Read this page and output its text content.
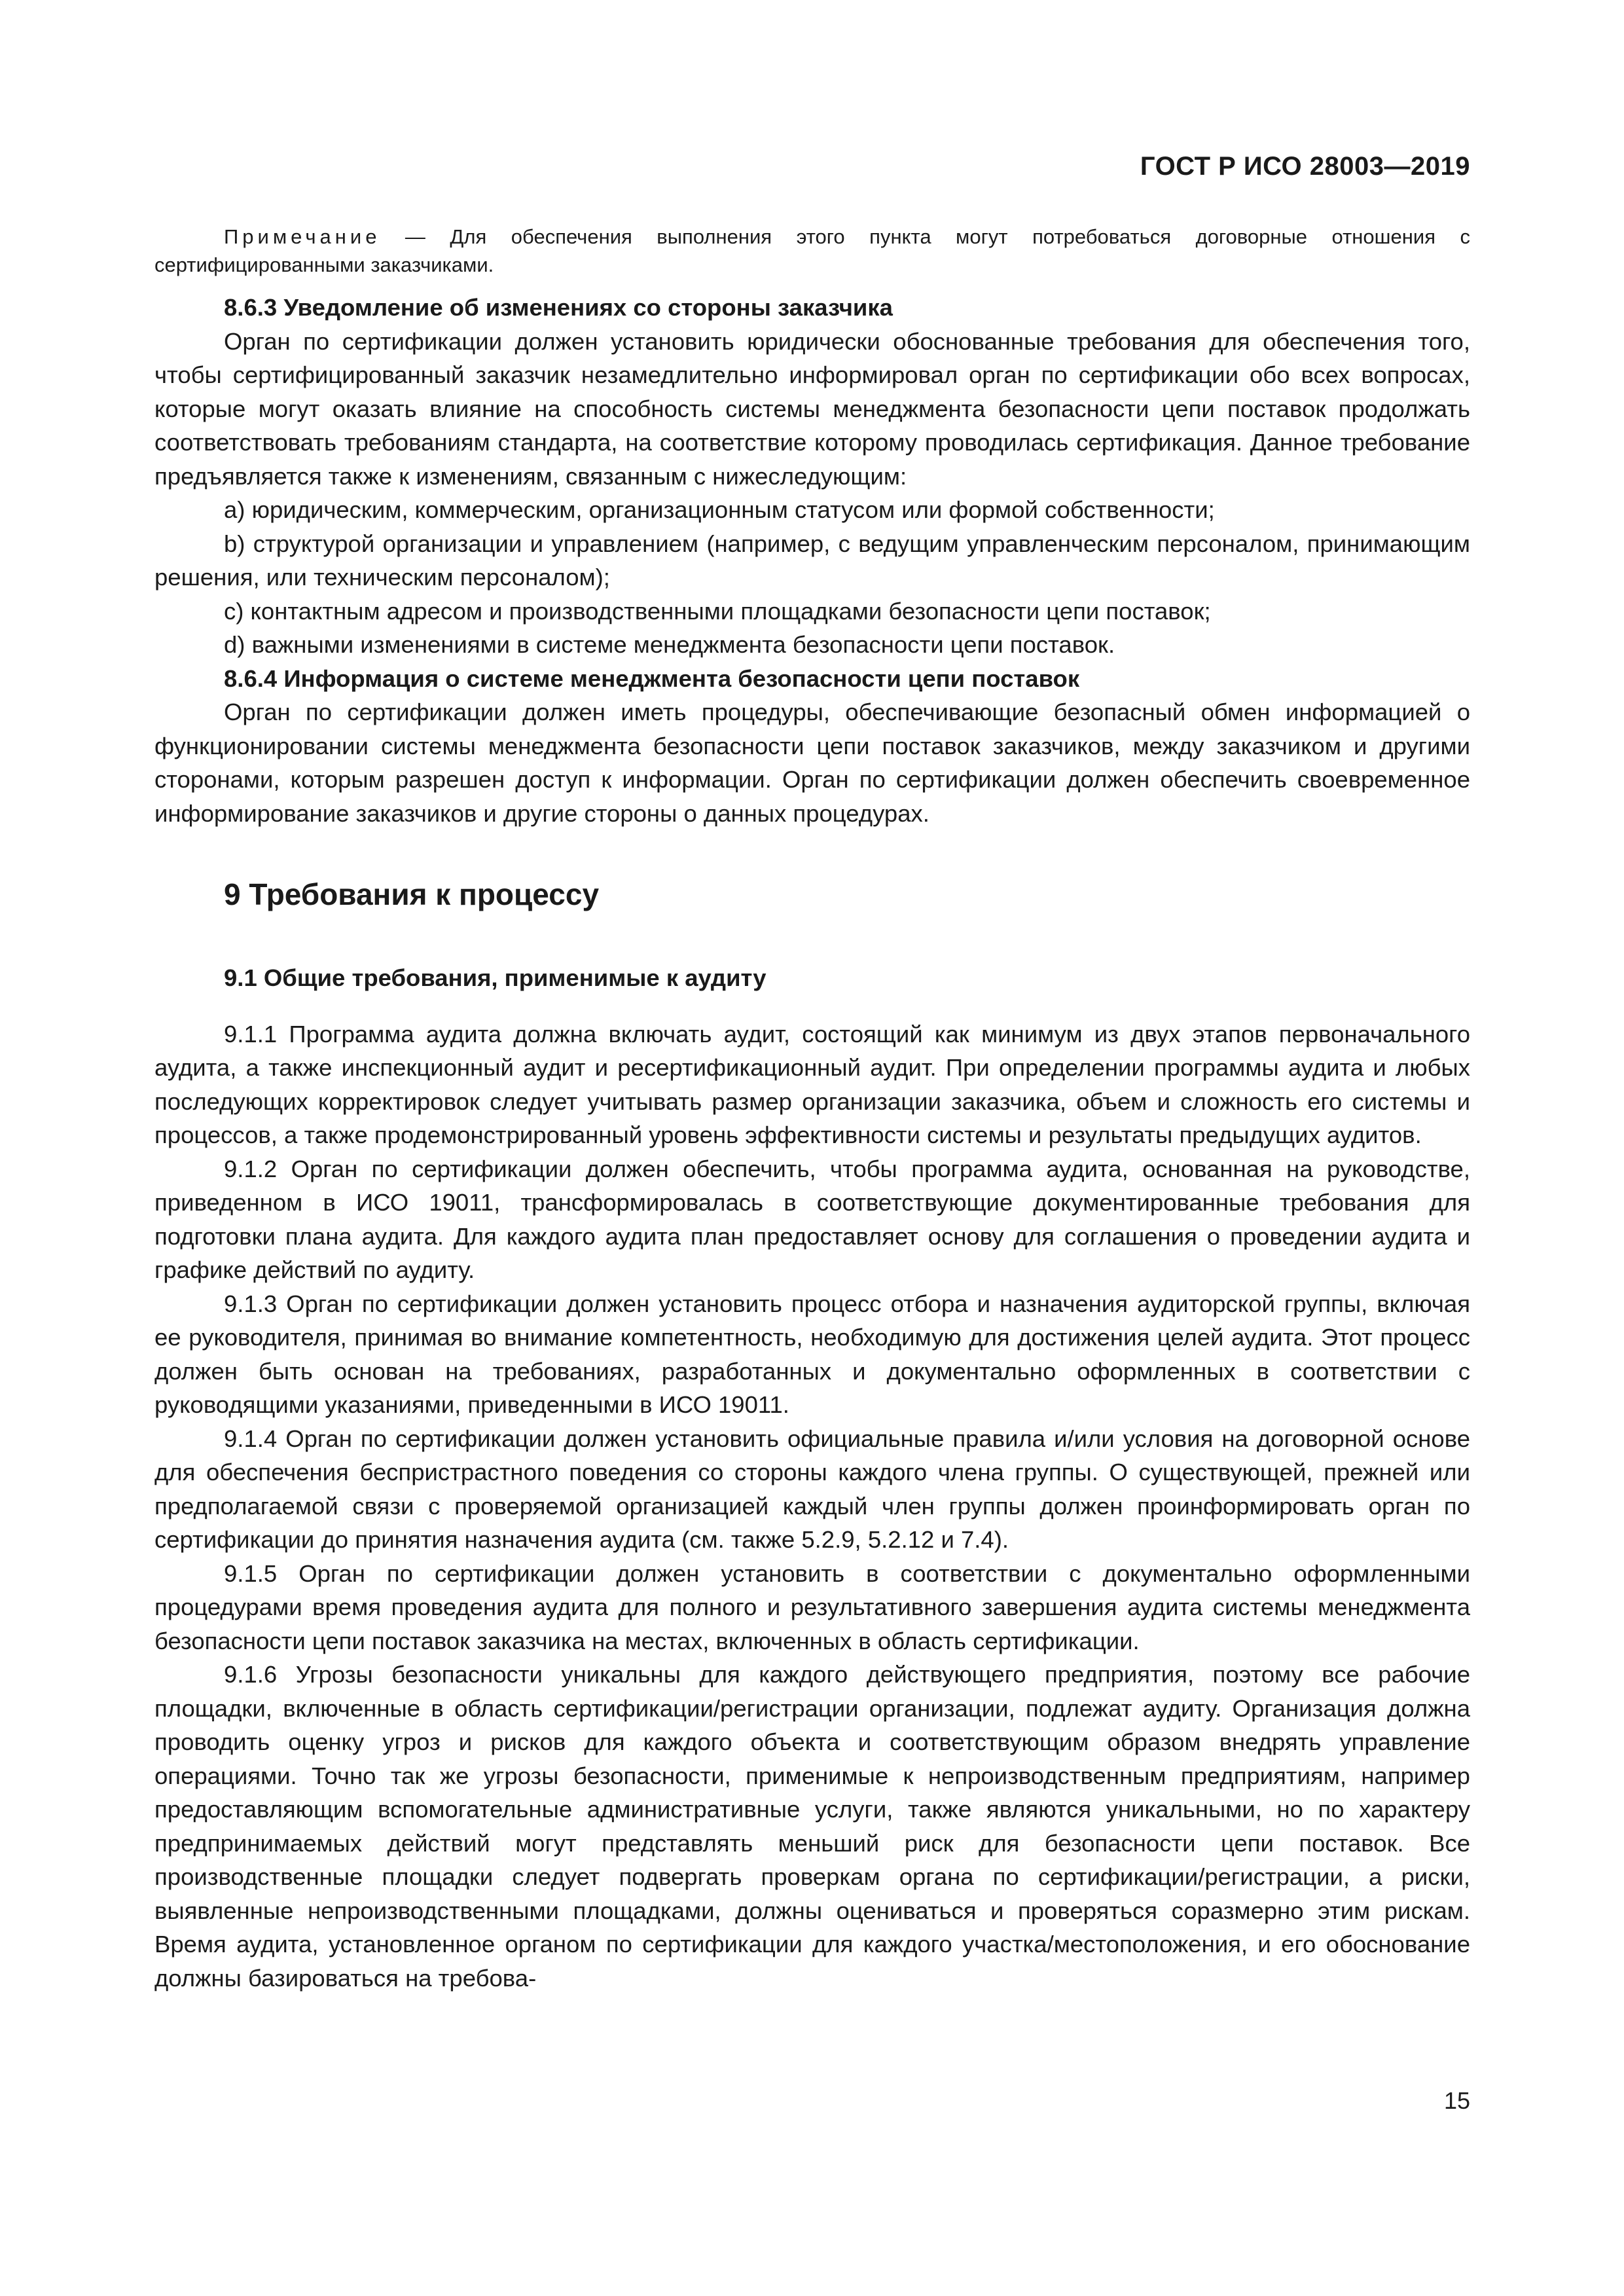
ГОСТ Р ИСО 28003—2019

Примечание — Для обеспечения выполнения этого пункта могут потребоваться договорные отношения с сертифицированными заказчиками.

8.6.3 Уведомление об изменениях со стороны заказчика

Орган по сертификации должен установить юридически обоснованные требования для обеспечения того, чтобы сертифицированный заказчик незамедлительно информировал орган по сертификации обо всех вопросах, которые могут оказать влияние на способность системы менеджмента безопасности цепи поставок продолжать соответствовать требованиям стандарта, на соответствие которому проводилась сертификация. Данное требование предъявляется также к изменениям, связанным с нижеследующим:

a) юридическим, коммерческим, организационным статусом или формой собственности;

b) структурой организации и управлением (например, с ведущим управленческим персоналом, принимающим решения, или техническим персоналом);

c) контактным адресом и производственными площадками безопасности цепи поставок;

d) важными изменениями в системе менеджмента безопасности цепи поставок.

8.6.4 Информация о системе менеджмента безопасности цепи поставок

Орган по сертификации должен иметь процедуры, обеспечивающие безопасный обмен информацией о функционировании системы менеджмента безопасности цепи поставок заказчиков, между заказчиком и другими сторонами, которым разрешен доступ к информации. Орган по сертификации должен обеспечить своевременное информирование заказчиков и другие стороны о данных процедурах.

9 Требования к процессу

9.1 Общие требования, применимые к аудиту

9.1.1 Программа аудита должна включать аудит, состоящий как минимум из двух этапов первоначального аудита, а также инспекционный аудит и ресертификационный аудит. При определении программы аудита и любых последующих корректировок следует учитывать размер организации заказчика, объем и сложность его системы и процессов, а также продемонстрированный уровень эффективности системы и результаты предыдущих аудитов.

9.1.2 Орган по сертификации должен обеспечить, чтобы программа аудита, основанная на руководстве, приведенном в ИСО 19011, трансформировалась в соответствующие документированные требования для подготовки плана аудита. Для каждого аудита план предоставляет основу для соглашения о проведении аудита и графике действий по аудиту.

9.1.3 Орган по сертификации должен установить процесс отбора и назначения аудиторской группы, включая ее руководителя, принимая во внимание компетентность, необходимую для достижения целей аудита. Этот процесс должен быть основан на требованиях, разработанных и документально оформленных в соответствии с руководящими указаниями, приведенными в ИСО 19011.

9.1.4 Орган по сертификации должен установить официальные правила и/или условия на договорной основе для обеспечения беспристрастного поведения со стороны каждого члена группы. О существующей, прежней или предполагаемой связи с проверяемой организацией каждый член группы должен проинформировать орган по сертификации до принятия назначения аудита (см. также 5.2.9, 5.2.12 и 7.4).

9.1.5 Орган по сертификации должен установить в соответствии с документально оформленными процедурами время проведения аудита для полного и результативного завершения аудита системы менеджмента безопасности цепи поставок заказчика на местах, включенных в область сертификации.

9.1.6 Угрозы безопасности уникальны для каждого действующего предприятия, поэтому все рабочие площадки, включенные в область сертификации/регистрации организации, подлежат аудиту. Организация должна проводить оценку угроз и рисков для каждого объекта и соответствующим образом внедрять управление операциями. Точно так же угрозы безопасности, применимые к непроизводственным предприятиям, например предоставляющим вспомогательные административные услуги, также являются уникальными, но по характеру предпринимаемых действий могут представлять меньший риск для безопасности цепи поставок. Все производственные площадки следует подвергать проверкам органа по сертификации/регистрации, а риски, выявленные непроизводственными площадками, должны оцениваться и проверяться соразмерно этим рискам. Время аудита, установленное органом по сертификации для каждого участка/местоположения, и его обоснование должны базироваться на требова-

15
